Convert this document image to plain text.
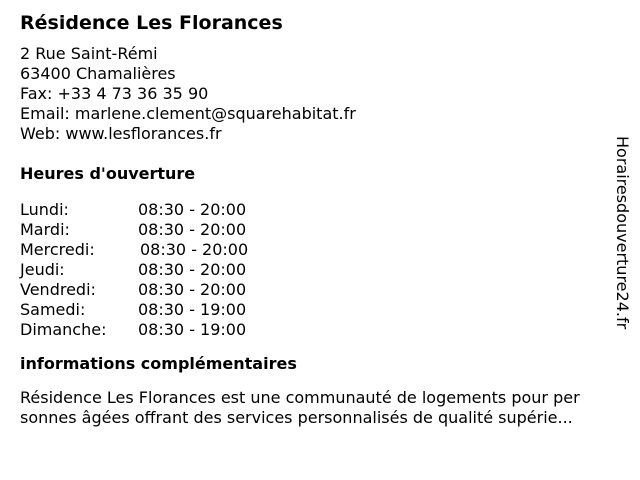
Résidence Les Florances
2 Rue Saint-Rémi
63400 Chamalières
Fax: +33 4 73 36 35 90
Email: marlene.clement@squarehabitat.fr
Web: www.lesflorances.fr
Heures d'ouverture
Lundi:	08:30 - 20:00
Mardi:	08:30 - 20:00
Mercredi:	08:30 - 20:00
Jeudi:	08:30 - 20:00
Vendredi:	08:30 - 20:00
Samedi:	08:30 - 19:00
Dimanche: 08:30 - 19:00
informations complémentaires
Résidence Les Florances est une communauté de logements pour per
sonnes âgées offrant des services personnalisés de qualité supérie...
Horairesdouverture24.fr
